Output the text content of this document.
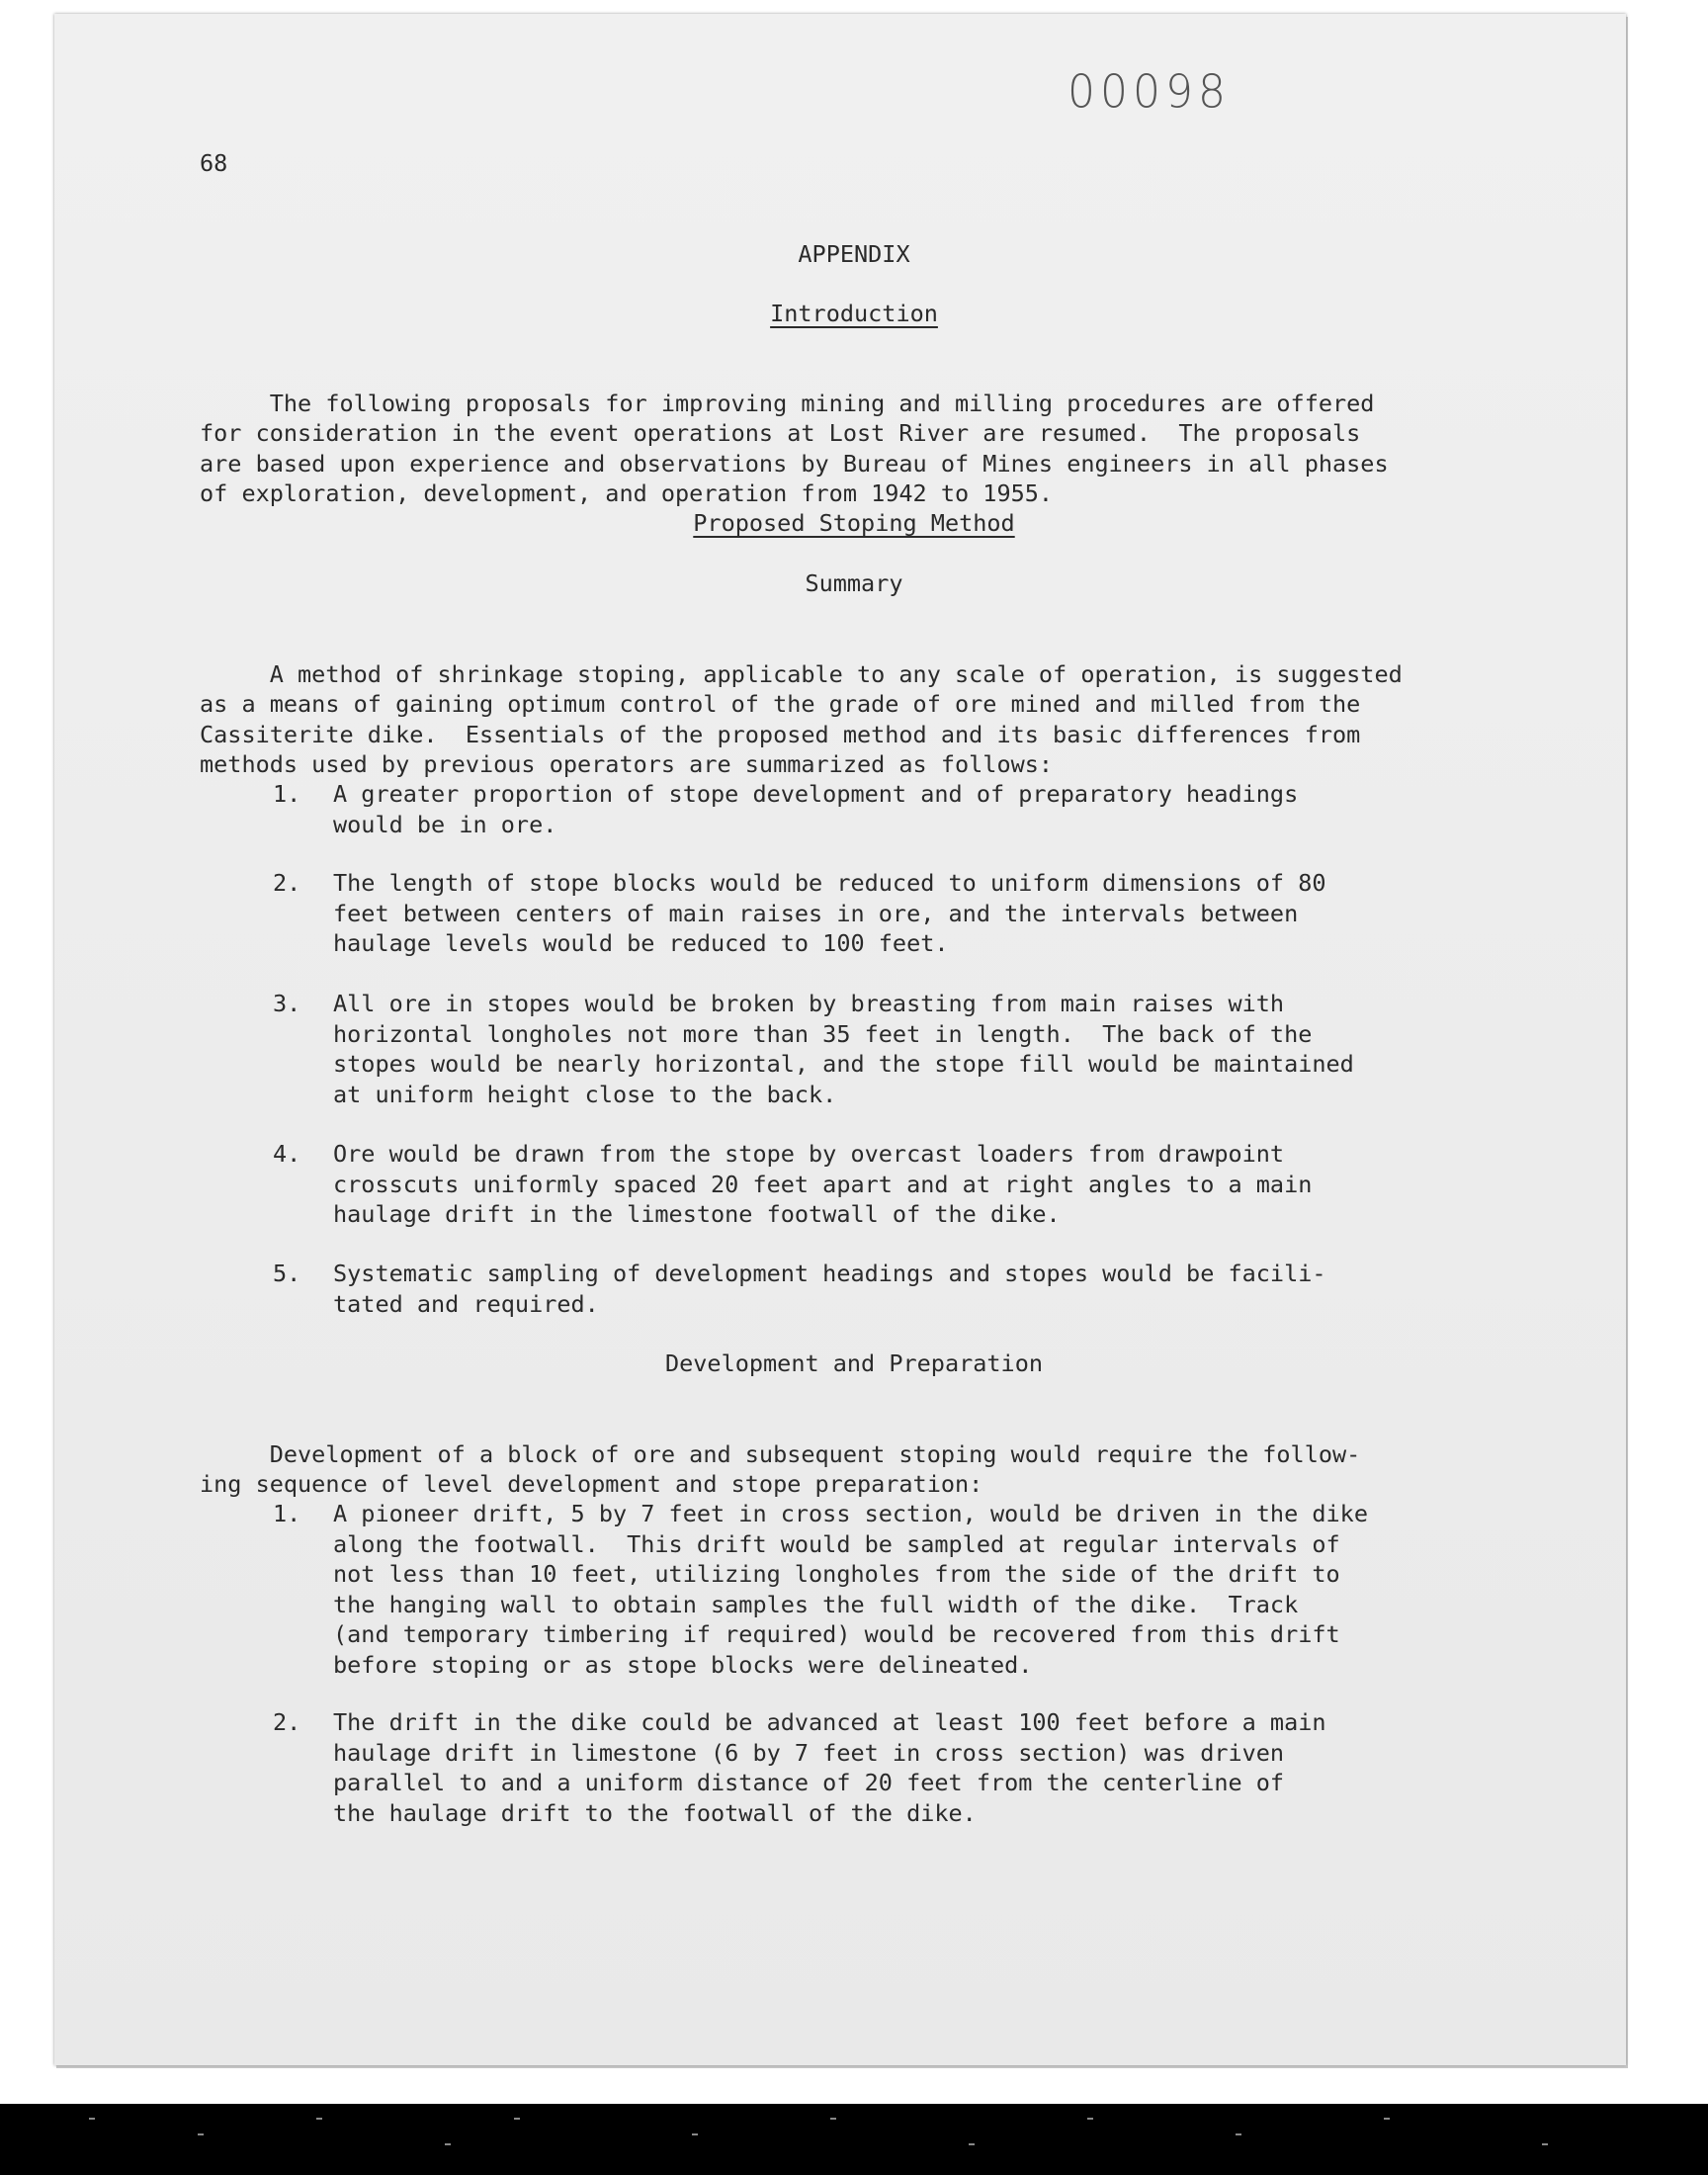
00098
68
APPENDIX
Introduction

The following proposals for improving mining and milling procedures are offered
for consideration in the event operations at Lost River are resumed.  The proposals
are based upon experience and observations by Bureau of Mines engineers in all phases
of exploration, development, and operation from 1942 to 1955.

Proposed Stoping Method
Summary

A method of shrinkage stoping, applicable to any scale of operation, is suggested
as a means of gaining optimum control of the grade of ore mined and milled from the
Cassiterite dike.  Essentials of the proposed method and its basic differences from
methods used by previous operators are summarized as follows:

1. A greater proportion of stope development and of preparatory headings
would be in ore.
2. The length of stope blocks would be reduced to uniform dimensions of 80
feet between centers of main raises in ore, and the intervals between
haulage levels would be reduced to 100 feet.
3. All ore in stopes would be broken by breasting from main raises with
horizontal longholes not more than 35 feet in length.  The back of the
stopes would be nearly horizontal, and the stope fill would be maintained
at uniform height close to the back.
4. Ore would be drawn from the stope by overcast loaders from drawpoint
crosscuts uniformly spaced 20 feet apart and at right angles to a main
haulage drift in the limestone footwall of the dike.
5. Systematic sampling of development headings and stopes would be facili-
tated and required.
Development and Preparation

Development of a block of ore and subsequent stoping would require the follow-
ing sequence of level development and stope preparation:

1. A pioneer drift, 5 by 7 feet in cross section, would be driven in the dike
along the footwall.  This drift would be sampled at regular intervals of
not less than 10 feet, utilizing longholes from the side of the drift to
the hanging wall to obtain samples the full width of the dike.  Track
(and temporary timbering if required) would be recovered from this drift
before stoping or as stope blocks were delineated.
2. The drift in the dike could be advanced at least 100 feet before a main
haulage drift in limestone (6 by 7 feet in cross section) was driven
parallel to and a uniform distance of 20 feet from the centerline of
the haulage drift to the footwall of the dike.
